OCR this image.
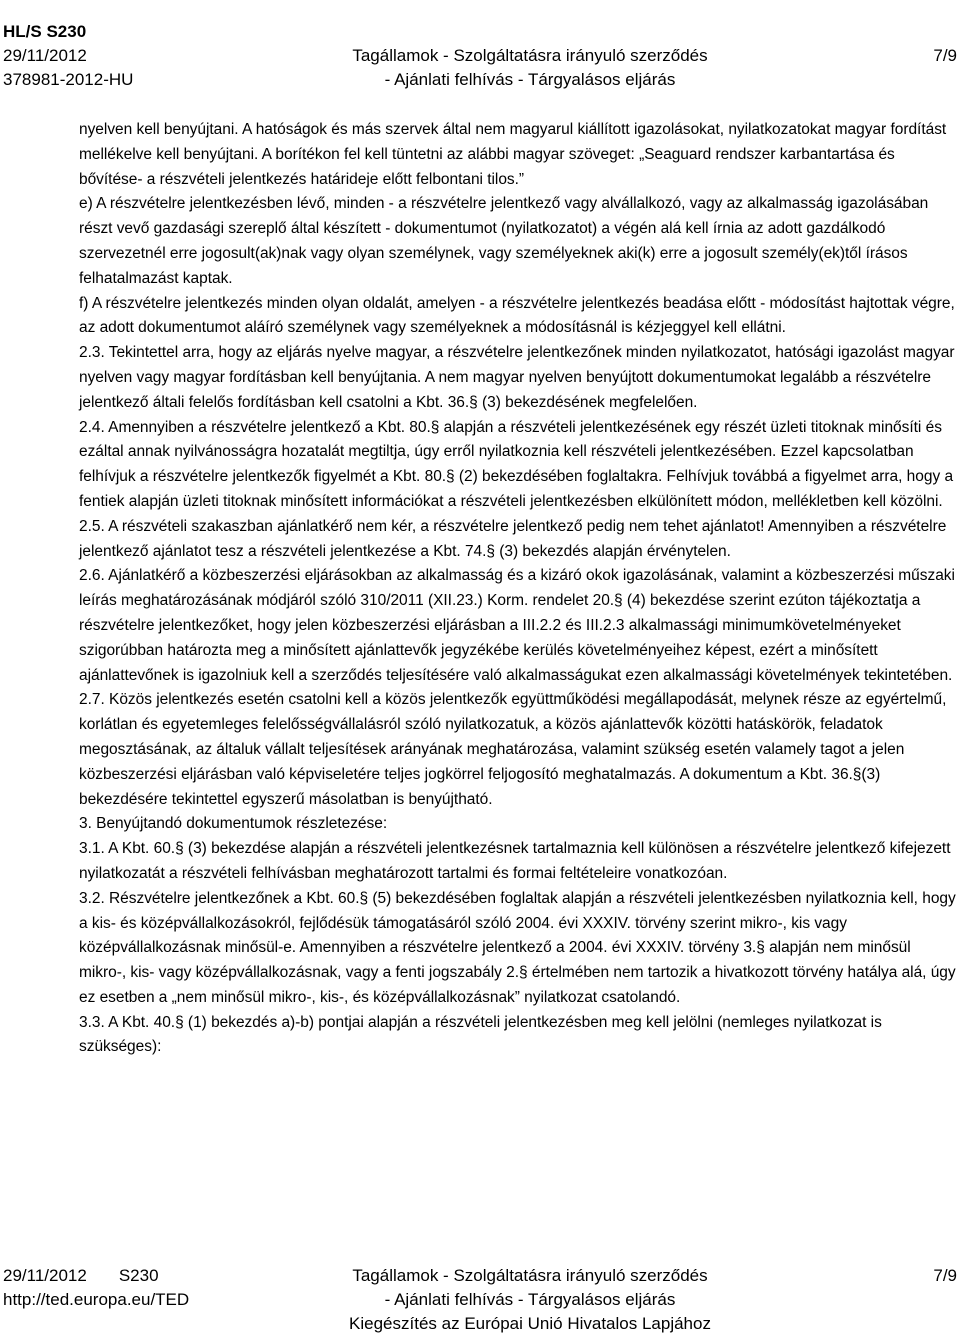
HL/S S230
29/11/2012
378981-2012-HU
Tagállamok - Szolgáltatásra irányuló szerződés
- Ajánlati felhívás - Tárgyalásos eljárás
7/9

nyelven kell benyújtani. A hatóságok és más szervek által nem magyarul kiállított igazolásokat, nyilatkozatokat magyar fordítást mellékelve kell benyújtani. A borítékon fel kell tüntetni az alábbi magyar szöveget: „Seaguard rendszer karbantartása és bővítése- a részvételi jelentkezés határideje előtt felbontani tilos.”

e) A részvételre jelentkezésben lévő, minden - a részvételre jelentkező vagy alvállalkozó, vagy az alkalmasság igazolásában részt vevő gazdasági szereplő által készített - dokumentumot (nyilatkozatot) a végén alá kell írnia az adott gazdálkodó szervezetnél erre jogosult(ak)nak vagy olyan személynek, vagy személyeknek aki(k) erre a jogosult személy(ek)től írásos felhatalmazást kaptak.

f) A részvételre jelentkezés minden olyan oldalát, amelyen - a részvételre jelentkezés beadása előtt - módosítást hajtottak végre, az adott dokumentumot aláíró személynek vagy személyeknek a módosításnál is kézjeggyel kell ellátni.

2.3. Tekintettel arra, hogy az eljárás nyelve magyar, a részvételre jelentkezőnek minden nyilatkozatot, hatósági igazolást magyar nyelven vagy magyar fordításban kell benyújtania. A nem magyar nyelven benyújtott dokumentumokat legalább a részvételre jelentkező általi felelős fordításban kell csatolni a Kbt. 36.§ (3) bekezdésének megfelelően.

2.4. Amennyiben a részvételre jelentkező a Kbt. 80.§ alapján a részvételi jelentkezésének egy részét üzleti titoknak minősíti és ezáltal annak nyilvánosságra hozatalát megtiltja, úgy erről nyilatkoznia kell részvételi jelentkezésében. Ezzel kapcsolatban felhívjuk a részvételre jelentkezők figyelmét a Kbt. 80.§ (2) bekezdésében foglaltakra. Felhívjuk továbbá a figyelmet arra, hogy a fentiek alapján üzleti titoknak minősített információkat a részvételi jelentkezésben elkülönített módon, mellékletben kell közölni.

2.5. A részvételi szakaszban ajánlatkérő nem kér, a részvételre jelentkező pedig nem tehet ajánlatot! Amennyiben a részvételre jelentkező ajánlatot tesz a részvételi jelentkezése a Kbt. 74.§ (3) bekezdés alapján érvénytelen.

2.6. Ajánlatkérő a közbeszerzési eljárásokban az alkalmasság és a kizáró okok igazolásának, valamint a közbeszerzési műszaki leírás meghatározásának módjáról szóló 310/2011 (XII.23.) Korm. rendelet 20.§ (4) bekezdése szerint ezúton tájékoztatja a részvételre jelentkezőket, hogy jelen közbeszerzési eljárásban a III.2.2 és III.2.3 alkalmassági minimumkövetelményeket szigorúbban határozta meg a minősített ajánlattevők jegyzékébe kerülés követelményeihez képest, ezért a minősített ajánlattevőnek is igazolniuk kell a szerződés teljesítésére való alkalmasságukat ezen alkalmassági követelmények tekintetében.

2.7. Közös jelentkezés esetén csatolni kell a közös jelentkezők együttműködési megállapodását, melynek része az egyértelmű, korlátlan és egyetemleges felelősségvállalásról szóló nyilatkozatuk, a közös ajánlattevők közötti hatáskörök, feladatok megosztásának, az általuk vállalt teljesítések arányának meghatározása, valamint szükség esetén valamely tagot a jelen közbeszerzési eljárásban való képviseletére teljes jogkörrel feljogosító meghatalmazás. A dokumentum a Kbt. 36.§(3) bekezdésére tekintettel egyszerű másolatban is benyújtható.

3. Benyújtandó dokumentumok részletezése:

3.1. A Kbt. 60.§ (3) bekezdése alapján a részvételi jelentkezésnek tartalmaznia kell különösen a részvételre jelentkező kifejezett nyilatkozatát a részvételi felhívásban meghatározott tartalmi és formai feltételeire vonatkozóan.

3.2. Részvételre jelentkezőnek a Kbt. 60.§ (5) bekezdésében foglaltak alapján a részvételi jelentkezésben nyilatkoznia kell, hogy a kis- és középvállalkozásokról, fejlődésük támogatásáról szóló 2004. évi XXXIV. törvény szerint mikro-, kis vagy középvállalkozásnak minősül-e. Amennyiben a részvételre jelentkező a 2004. évi XXXIV. törvény 3.§ alapján nem minősül mikro-, kis- vagy középvállalkozásnak, vagy a fenti jogszabály 2.§ értelmében nem tartozik a hivatkozott törvény hatálya alá, úgy ez esetben a „nem minősül mikro-, kis-, és középvállalkozásnak” nyilatkozat csatolandó.

3.3. A Kbt. 40.§ (1) bekezdés a)-b) pontjai alapján a részvételi jelentkezésben meg kell jelölni (nemleges nyilatkozat is szükséges):

29/11/2012 S230
http://ted.europa.eu/TED
Tagállamok - Szolgáltatásra irányuló szerződés
- Ajánlati felhívás - Tárgyalásos eljárás
Kiegészítés az Európai Unió Hivatalos Lapjához
7/9
